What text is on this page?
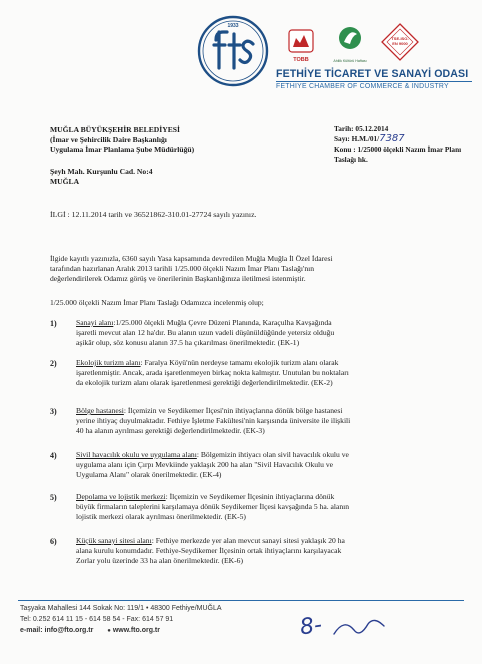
1933
TOBB	Ahilik Kültürü Haftası
TSE-ISO-EN 9000
FETHİYE TİCARET VE SANAYİ ODASI
FETHIYE CHAMBER OF COMMERCE & INDUSTRY
MUĞLA BÜYÜKŞEHİR BELEDİYESİ
(İmar ve Şehircilik Daire Başkanlığı
Uygulama İmar Planlama Şube Müdürlüğü)
Şeyh Mah. Kurşunlu Cad. No:4
MUĞLA
Tarih: 05.12.2014
Sayı: H.M./01/7387
Konu : 1/25000 ölçekli Nazım İmar Planı
Taslağı hk.
İLGİ : 12.11.2014 tarih ve 36521862-310.01-27724 sayılı yazınız.
İlgide kayıtlı yazınızla, 6360 sayılı Yasa kapsamında devredilen Muğla Muğla İl Özel İdaresi
tarafından hazırlanan Aralık 2013 tarihli 1/25.000 ölçekli Nazım İmar Planı Taslağı'nın
değerlendirilerek Odamız görüş ve önerilerinin Başkanlığınıza iletilmesi istenmiştir.
1/25.000 ölçekli Nazım İmar Planı Taslağı Odamızca incelenmiş olup;
1)	Sanayi alanı:1/25.000 ölçekli Muğla Çevre Düzeni Planında, Karaçulha Kavşağında
işaretli mevcut alan 12 ha'dır. Bu alanın uzun vadeli düşünüldüğünde yetersiz olduğu
aşikâr olup, söz konusu alanın 37.5 ha çıkarılması önerilmektedir. (EK-1)
2)	Ekolojik turizm alanı: Faralya Köyü'nün nerdeyse tamamı ekolojik turizm alanı olarak
işaretlenmiştir. Ancak, arada işaretlenmeyen birkaç nokta kalmıştır. Unutulan bu noktaları
da ekolojik turizm alanı olarak işaretlenmesi gerektiği değerlendirilmektedir. (EK-2)
3)	Bölge hastanesi: İlçemizin ve Seydikemer İlçesi'nin ihtiyaçlarına dönük bölge hastanesi
yerine ihtiyaç duyulmaktadır. Fethiye İşletme Fakültesi'nin karşısında üniversite ile ilişkili
40 ha alanın ayrılması gerektiği değerlendirilmektedir. (EK-3)
4)	Sivil havacılık okulu ve uygulama alanı: Bölgemizin ihtiyacı olan sivil havacılık okulu ve
uygulama alanı için Çırpı Mevkiinde yaklaşık 200 ha alan "Sivil Havacılık Okulu ve
Uygulama Alanı" olarak önerilmektedir. (EK-4)
5)	Depolama ve lojistik merkezi: İlçemizin ve Seydikemer İlçesinin ihtiyaçlarına dönük
büyük firmaların taleplerini karşılamaya dönük Seydikemer İlçesi kavşağında 5 ha. alanın
lojistik merkezi olarak ayrılması önerilmektedir. (EK-5)
6)	Küçük sanayi sitesi alanı: Fethiye merkezde yer alan mevcut sanayi sitesi yaklaşık 20 ha
alana kurulu konumdadır. Fethiye-Seydikemer İlçesinin ortak ihtiyaçlarını karşılayacak
Zorlar yolu üzerinde 33 ha alan önerilmektedir. (EK-6)
Taşyaka Mahallesi 144 Sokak No: 119/1 • 48300 Fethiye/MUĞLA
Tel: 0.252 614 11 15 - 614 58 54 - Fax: 614 57 91
e-mail: info@fto.org.tr ● www.fto.org.tr	8-
